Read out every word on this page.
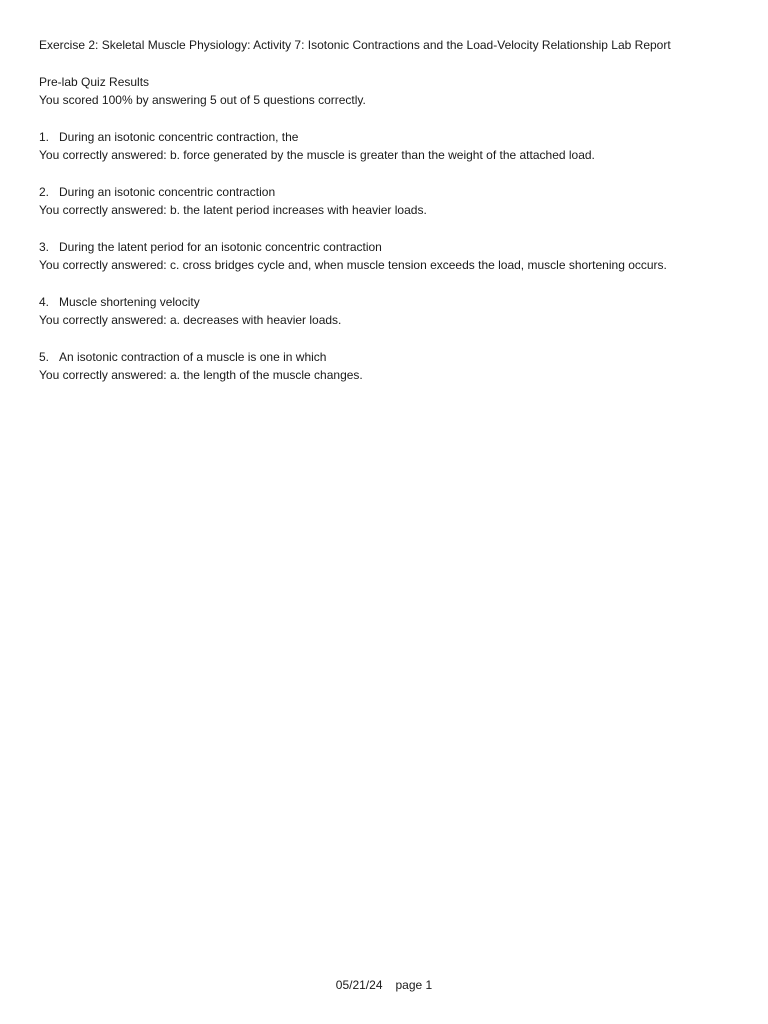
Exercise 2: Skeletal Muscle Physiology: Activity 7: Isotonic Contractions and the Load-Velocity Relationship Lab Report

Pre-lab Quiz Results

You scored 100% by answering 5 out of 5 questions correctly.

1. During an isotonic concentric contraction, the

You correctly answered: b. force generated by the muscle is greater than the weight of the attached load.

2. During an isotonic concentric contraction

You correctly answered: b. the latent period increases with heavier loads.

3. During the latent period for an isotonic concentric contraction

You correctly answered: c. cross bridges cycle and, when muscle tension exceeds the load, muscle shortening occurs.

4. Muscle shortening velocity

You correctly answered: a. decreases with heavier loads.

5. An isotonic contraction of a muscle is one in which

You correctly answered: a. the length of the muscle changes.

05/21/24 page 1
